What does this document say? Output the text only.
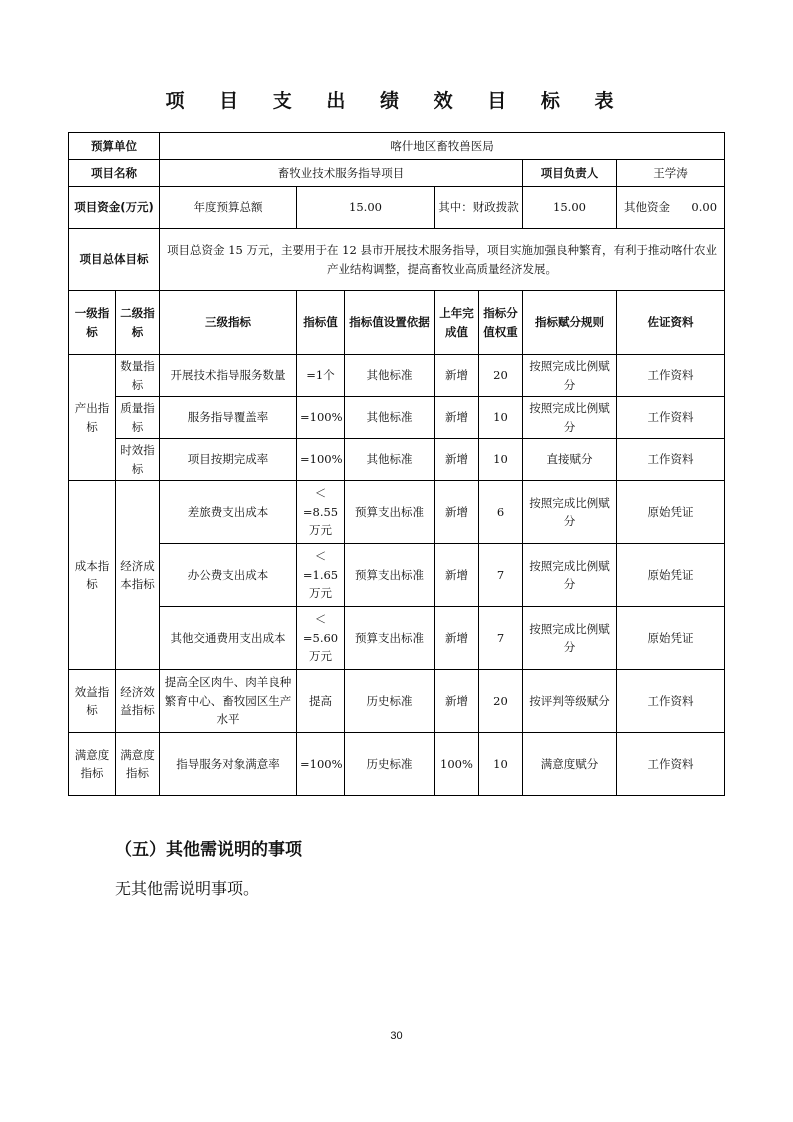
项 目 支 出 绩 效 目 标 表
预算单位		喀什地区畜牧兽医局						
项目名称		畜牧业技术服务指导项目					项目负责人	王学涛
项目资金(万元)		年度预算总额	15.00		其中：财政拨款		15.00	其他资金 0.00

项目总体目标		项目总资金 15 万元，主要用于在 12 县市开展技术服务指导，项目实施加强良种繁育，有利于推动喀什农业产业结构调整，提高畜牧业高质量经济发展。						
一级指标	二级指标	三级指标	指标值	指标值设置依据	上年完成值	指标分值权重	指标赋分规则	佐证资料
产出指标	数量指标	开展技术指导服务数量	=1个	其他标准	新增	20	按照完成比例赋分	工作资料
	质量指标	服务指导覆盖率	=100%	其他标准	新增	10	按照完成比例赋分	工作资料
	时效指标	项目按期完成率	=100%	其他标准	新增	10	直接赋分	工作资料
成本指标	经济成本指标	差旅费支出成本	＜=8.55万元	预算支出标准	新增	6	按照完成比例赋分	原始凭证
		办公费支出成本	＜=1.65万元	预算支出标准	新增	7	按照完成比例赋分	原始凭证
		其他交通费用支出成本	＜=5.60万元	预算支出标准	新增	7	按照完成比例赋分	原始凭证
效益指标	经济效益指标	提高全区肉牛、肉羊良种繁育中心、畜牧园区生产水平	提高	历史标准	新增	20	按评判等级赋分	工作资料
满意度指标	满意度指标	指导服务对象满意率	=100%	历史标准	100%	10	满意度赋分	工作资料
（五）其他需说明的事项
无其他需说明事项。
30
